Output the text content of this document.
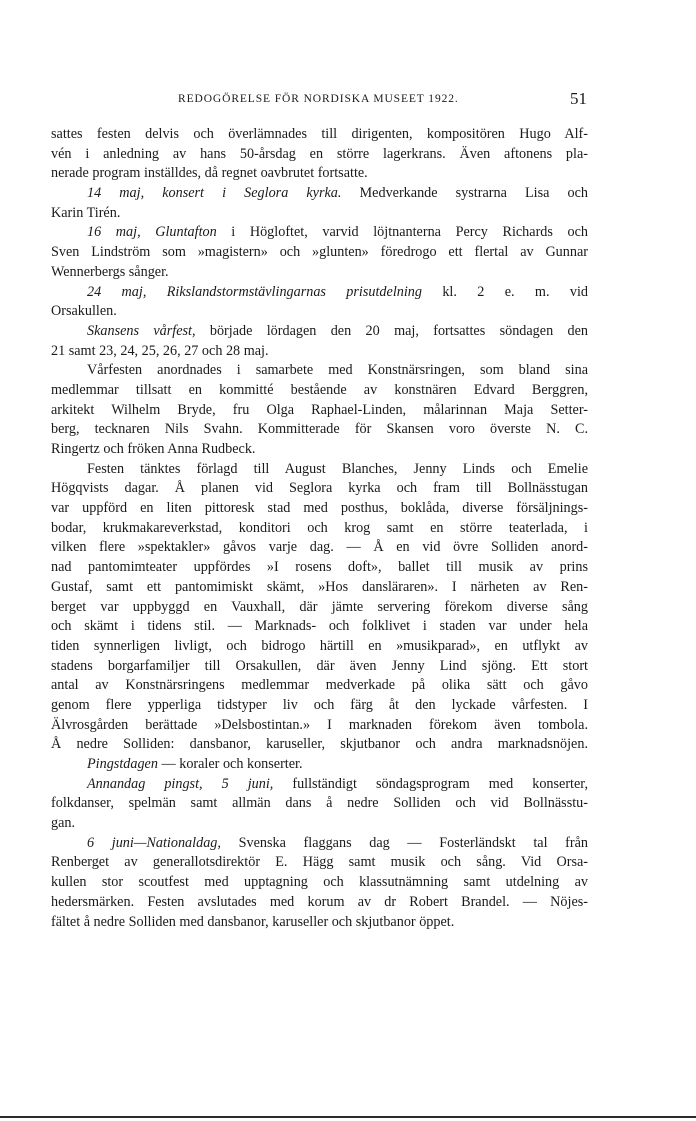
REDOGÖRELSE FÖR NORDISKA MUSEET 1922.	51
sattes festen delvis och överlämnades till dirigenten, kompositören Hugo Alf-
vén i anledning av hans 50-årsdag en större lagerkrans. Även aftonens pla-
nerade program inställdes, då regnet oavbrutet fortsatte.
14 maj, konsert i Seglora kyrka. Medverkande systrarna Lisa och
Karin Tirén.
16 maj, Gluntafton i Högloftet, varvid löjtnanterna Percy Richards och
Sven Lindström som »magistern» och »glunten» föredrogo ett flertal av Gunnar
Wennerbergs sånger.
24 maj, Rikslandstormstävlingarnas prisutdelning kl. 2 e. m. vid
Orsakullen.
Skansens vårfest, började lördagen den 20 maj, fortsattes söndagen den
21 samt 23, 24, 25, 26, 27 och 28 maj.
Vårfesten anordnades i samarbete med Konstnärsringen, som bland sina
medlemmar tillsatt en kommitté bestående av konstnären Edvard Berggren,
arkitekt Wilhelm Bryde, fru Olga Raphael-Linden, målarinnan Maja Setter-
berg, tecknaren Nils Svahn. Kommitterade för Skansen voro överste N. C.
Ringertz och fröken Anna Rudbeck.
Festen tänktes förlagd till August Blanches, Jenny Linds och Emelie
Högqvists dagar. Å planen vid Seglora kyrka och fram till Bollnässtugan
var uppförd en liten pittoresk stad med posthus, boklåda, diverse försäljnings-
bodar, krukmakareverkstad, konditori och krog samt en större teaterlada, i
vilken flere »spektakler» gåvos varje dag. — Å en vid övre Solliden anord-
nad pantomimteater uppfördes »I rosens doft», ballet till musik av prins
Gustaf, samt ett pantomimiskt skämt, »Hos dansläraren». I närheten av Ren-
berget var uppbyggd en Vauxhall, där jämte servering förekom diverse sång
och skämt i tidens stil. — Marknads- och folklivet i staden var under hela
tiden synnerligen livligt, och bidrogo härtill en »musikparad», en utflykt av
stadens borgarfamiljer till Orsakullen, där även Jenny Lind sjöng. Ett stort
antal av Konstnärsringens medlemmar medverkade på olika sätt och gåvo
genom flere ypperliga tidstyper liv och färg åt den lyckade vårfesten. I
Älvrosgården berättade »Delsbostintan.» I marknaden förekom även tombola.
Å nedre Solliden: dansbanor, karuseller, skjutbanor och andra marknadsnöjen.
Pingstdagen — koraler och konserter.
Annandag pingst, 5 juni, fullständigt söndagsprogram med konserter,
folkdanser, spelmän samt allmän dans å nedre Solliden och vid Bollnässtu-
gan.
6 juni—Nationaldag, Svenska flaggans dag — Fosterländskt tal från
Renberget av generallotsdirektör E. Hägg samt musik och sång. Vid Orsa-
kullen stor scoutfest med upptagning och klassutnämning samt utdelning av
hedersmärken. Festen avslutades med korum av dr Robert Brandel. — Nöjes-
fältet å nedre Solliden med dansbanor, karuseller och skjutbanor öppet.
